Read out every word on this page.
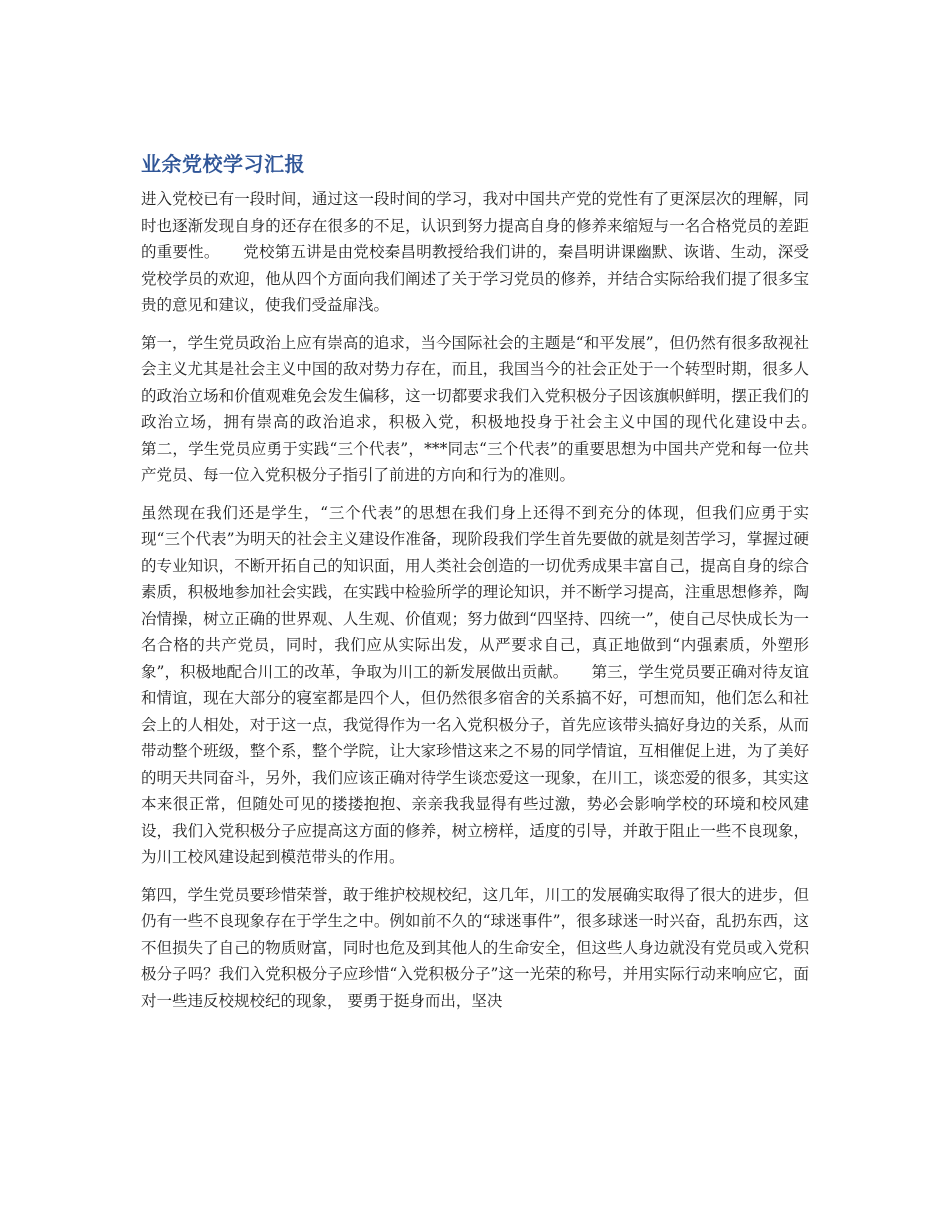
业余党校学习汇报

进入党校已有一段时间，通过这一段时间的学习，我对中国共产党的党性有了更深层次的理解，同时也逐渐发现自身的还存在很多的不足，认识到努力提高自身的修养来缩短与一名合格党员的差距的重要性。　　党校第五讲是由党校秦昌明教授给我们讲的，秦昌明讲课幽默、诙谐、生动，深受党校学员的欢迎，他从四个方面向我们阐述了关于学习党员的修养，并结合实际给我们提了很多宝贵的意见和建议，使我们受益扉浅。

第一，学生党员政治上应有崇高的追求，当今国际社会的主题是“和平发展”，但仍然有很多敌视社会主义尤其是社会主义中国的敌对势力存在，而且，我国当今的社会正处于一个转型时期，很多人的政治立场和价值观难免会发生偏移，这一切都要求我们入党积极分子因该旗帜鲜明，摆正我们的政治立场，拥有崇高的政治追求，积极入党，积极地投身于社会主义中国的现代化建设中去。　　第二，学生党员应勇于实践“三个代表”，***同志“三个代表”的重要思想为中国共产党和每一位共产党员、每一位入党积极分子指引了前进的方向和行为的准则。

虽然现在我们还是学生，“三个代表”的思想在我们身上还得不到充分的体现，但我们应勇于实现“三个代表”为明天的社会主义建设作准备，现阶段我们学生首先要做的就是刻苦学习，掌握过硬的专业知识，不断开拓自己的知识面，用人类社会创造的一切优秀成果丰富自己，提高自身的综合素质，积极地参加社会实践，在实践中检验所学的理论知识，并不断学习提高，注重思想修养，陶冶情操，树立正确的世界观、人生观、价值观；努力做到“四坚持、四统一”，使自己尽快成长为一名合格的共产党员，同时，我们应从实际出发，从严要求自己，真正地做到“内强素质，外塑形象”，积极地配合川工的改革，争取为川工的新发展做出贡献。　　第三，学生党员要正确对待友谊和情谊，现在大部分的寝室都是四个人，但仍然很多宿舍的关系搞不好，可想而知，他们怎么和社会上的人相处，对于这一点，我觉得作为一名入党积极分子，首先应该带头搞好身边的关系，从而带动整个班级，整个系，整个学院，让大家珍惜这来之不易的同学情谊，互相催促上进，为了美好的明天共同奋斗，另外，我们应该正确对待学生谈恋爱这一现象，在川工，谈恋爱的很多，其实这本来很正常，但随处可见的搂搂抱抱、亲亲我我显得有些过激，势必会影响学校的环境和校风建设，我们入党积极分子应提高这方面的修养，树立榜样，适度的引导，并敢于阻止一些不良现象，为川工校风建设起到模范带头的作用。

第四，学生党员要珍惜荣誉，敢于维护校规校纪，这几年，川工的发展确实取得了很大的进步，但仍有一些不良现象存在于学生之中。例如前不久的“球迷事件”，很多球迷一时兴奋，乱扔东西，这不但损失了自己的物质财富，同时也危及到其他人的生命安全，但这些人身边就没有党员或入党积极分子吗？我们入党积极分子应珍惜“入党积极分子”这一光荣的称号，并用实际行动来响应它，面对一些违反校规校纪的现象， 要勇于挺身而出，坚决
